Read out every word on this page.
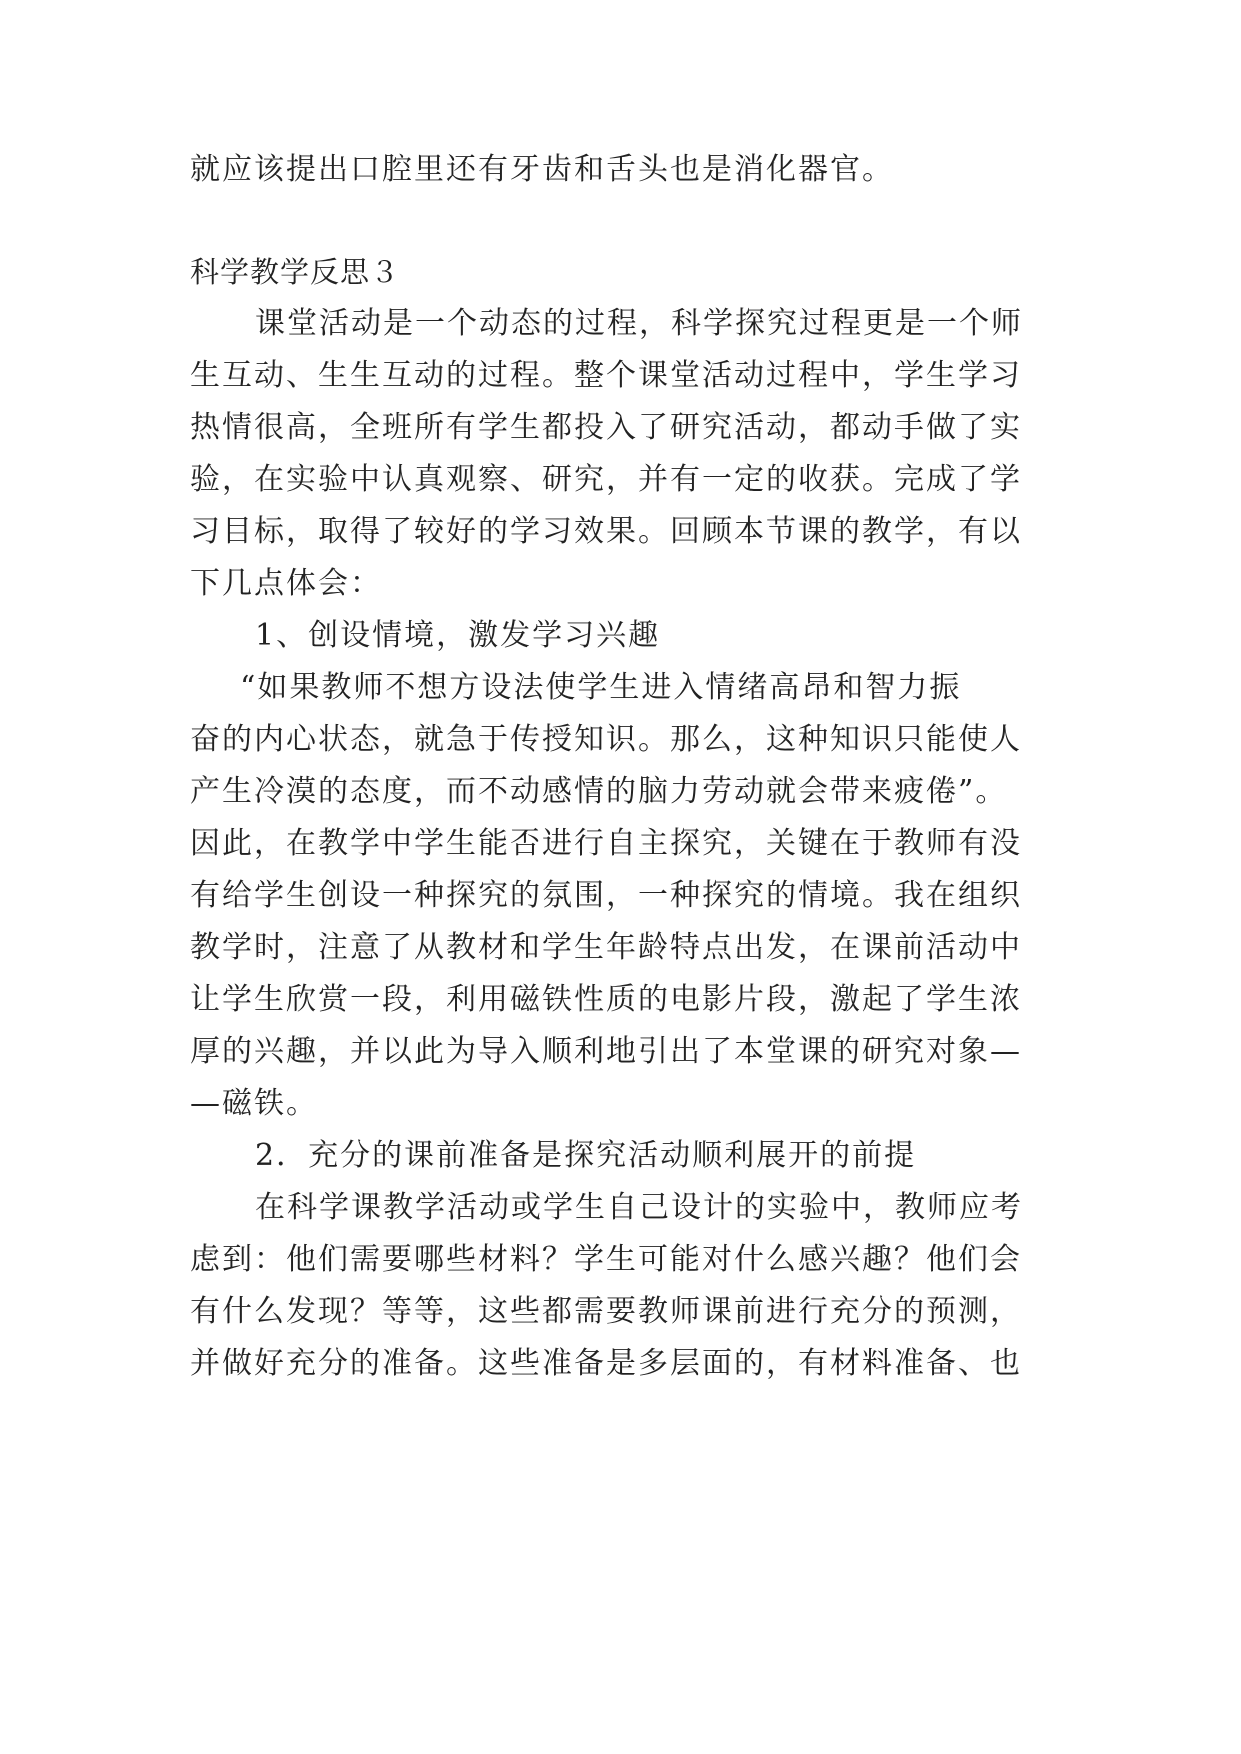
就应该提出口腔里还有牙齿和舌头也是消化器官。
科学教学反思３
课堂活动是一个动态的过程，科学探究过程更是一个师
生互动、生生互动的过程。整个课堂活动过程中，学生学习
热情很高，全班所有学生都投入了研究活动，都动手做了实
验，在实验中认真观察、研究，并有一定的收获。完成了学
习目标，取得了较好的学习效果。回顾本节课的教学，有以
下几点体会：
1、创设情境，激发学习兴趣
“如果教师不想方设法使学生进入情绪高昂和智力振
奋的内心状态，就急于传授知识。那么，这种知识只能使人
产生冷漠的态度，而不动感情的脑力劳动就会带来疲倦”。
因此，在教学中学生能否进行自主探究，关键在于教师有没
有给学生创设一种探究的氛围，一种探究的情境。我在组织
教学时，注意了从教材和学生年龄特点出发，在课前活动中
让学生欣赏一段，利用磁铁性质的电影片段，激起了学生浓
厚的兴趣，并以此为导入顺利地引出了本堂课的研究对象—
—磁铁。
2．充分的课前准备是探究活动顺利展开的前提
在科学课教学活动或学生自己设计的实验中，教师应考
虑到：他们需要哪些材料？学生可能对什么感兴趣？他们会
有什么发现？等等，这些都需要教师课前进行充分的预测，
并做好充分的准备。这些准备是多层面的，有材料准备、也
